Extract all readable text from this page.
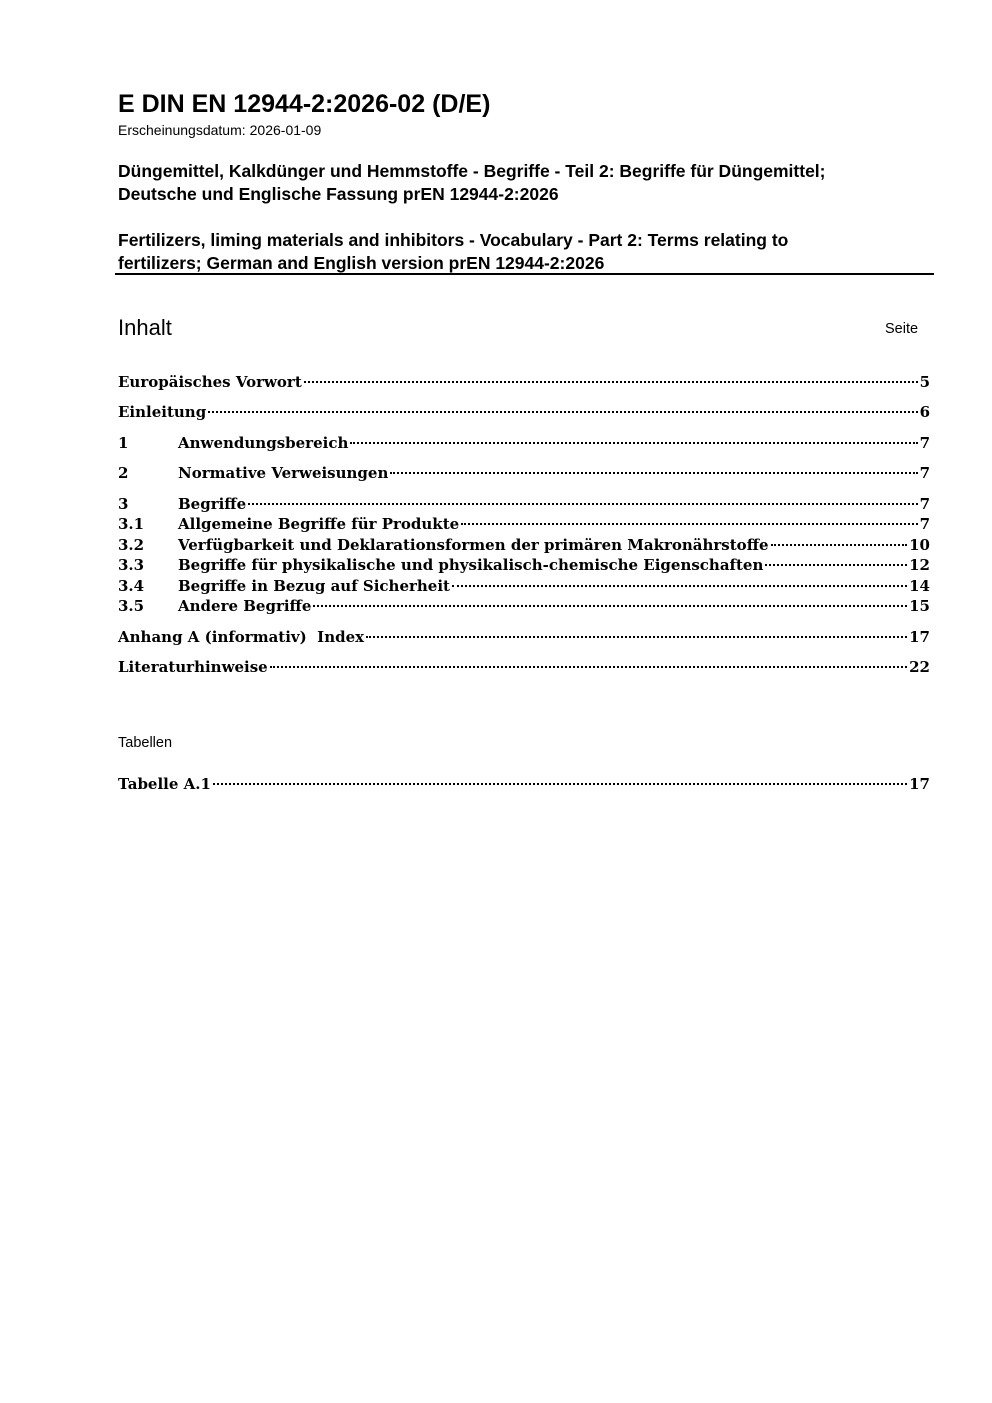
E DIN EN 12944-2:2026-02 (D/E)
Erscheinungsdatum: 2026-01-09
Düngemittel, Kalkdünger und Hemmstoffe - Begriffe - Teil 2: Begriffe für Düngemittel;
Deutsche und Englische Fassung prEN 12944-2:2026
Fertilizers, liming materials and inhibitors - Vocabulary - Part 2: Terms relating to
fertilizers; German and English version prEN 12944-2:2026
Inhalt	Seite
Europäisches Vorwort	5
Einleitung	6
1	Anwendungsbereich	7
2	Normative Verweisungen	7
3	Begriffe	7
3.1	Allgemeine Begriffe für Produkte	7
3.2	Verfügbarkeit und Deklarationsformen der primären Makronährstoffe	10
3.3	Begriffe für physikalische und physikalisch-chemische Eigenschaften	12
3.4	Begriffe in Bezug auf Sicherheit	14
3.5	Andere Begriffe	15
Anhang A (informativ)  Index	17
Literaturhinweise	22
Tabellen
Tabelle A.1	17
